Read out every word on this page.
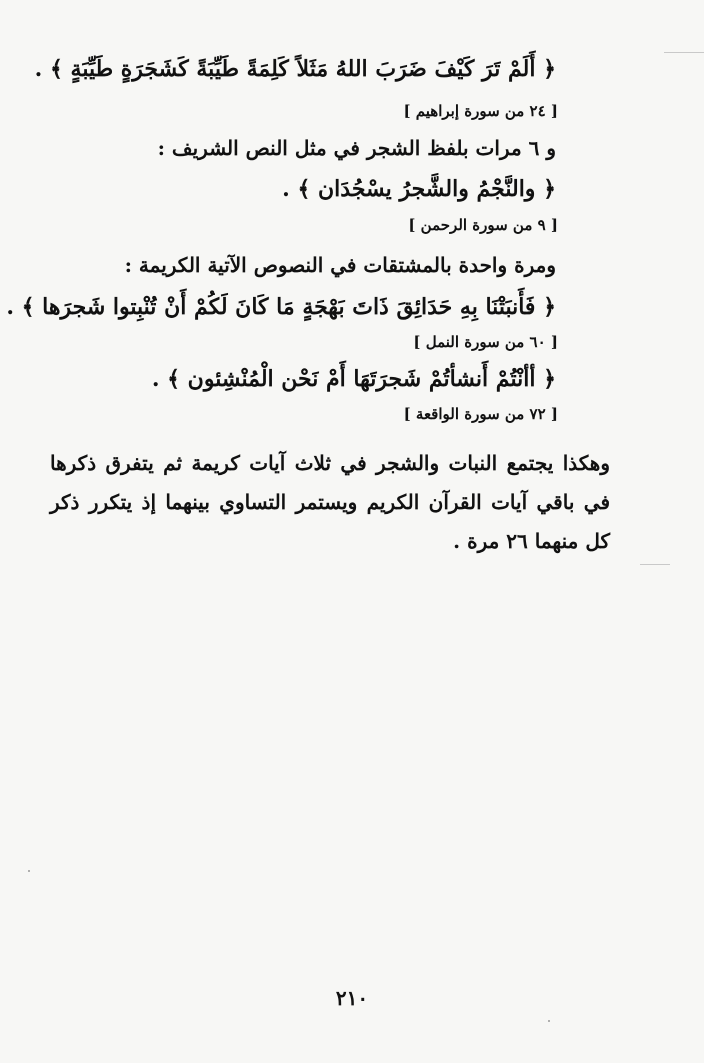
﴿ أَلَمْ تَرَ كَيْفَ ضَرَبَ اللهُ مَثَلاً كَلِمَةً طَيِّبَةً كَشَجَرَةٍ طَيِّبَةٍ ﴾ .
[ ٢٤ من سورة إبراهيم ]
و ٦ مرات بلفظ الشجر في مثل النص الشريف :
﴿ والنَّجْمُ والشَّجرُ يسْجُدَان ﴾ .
[ ٩ من سورة الرحمن ]
ومرة واحدة بالمشتقات في النصوص الآتية الكريمة :
﴿ فَأَنبَتْنَا بِهِ حَدَائِقَ ذَاتَ بَهْجَةٍ مَا كَانَ لَكُمْ أَنْ تُنْبِتوا شَجرَها ﴾ .
[ ٦٠ من سورة النمل ]
﴿ أأنْتُمْ أَنشأتُمْ شَجرَتَهَا أَمْ نَحْن الْمُنْشِئون ﴾ .
[ ٧٢ من سورة الواقعة ]
وهكذا يجتمع النبات والشجر في ثلاث آيات كريمة ثم يتفرق ذكرها في باقي آيات القرآن الكريم ويستمر التساوي بينهما إذ يتكرر ذكر كل منهما ٢٦ مرة .
٢١٠
